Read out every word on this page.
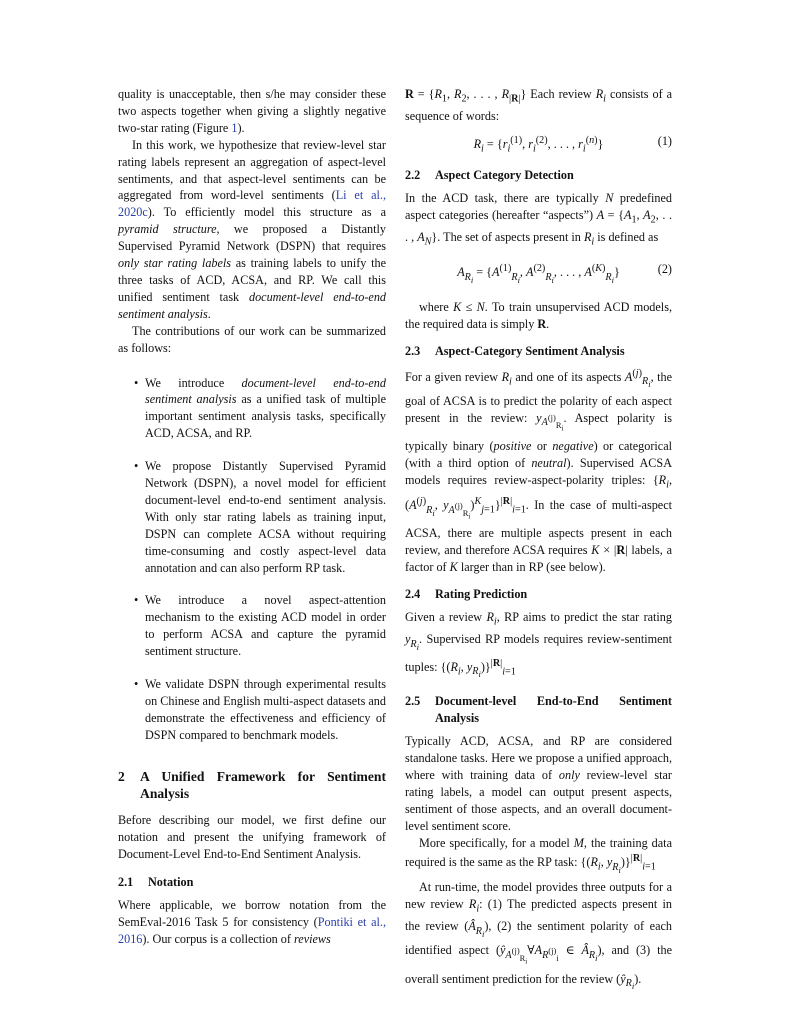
quality is unacceptable, then s/he may consider these two aspects together when giving a slightly negative two-star rating (Figure 1).

In this work, we hypothesize that review-level star rating labels represent an aggregation of aspect-level sentiments, and that aspect-level sentiments can be aggregated from word-level sentiments (Li et al., 2020c). To efficiently model this structure as a pyramid structure, we proposed a Distantly Supervised Pyramid Network (DSPN) that requires only star rating labels as training labels to unify the three tasks of ACD, ACSA, and RP. We call this unified sentiment task document-level end-to-end sentiment analysis.

The contributions of our work can be summarized as follows:

• We introduce document-level end-to-end sentiment analysis as a unified task of multiple important sentiment analysis tasks, specifically ACD, ACSA, and RP.
• We propose Distantly Supervised Pyramid Network (DSPN), a novel model for efficient document-level end-to-end sentiment analysis. With only star rating labels as training input, DSPN can complete ACSA without requiring time-consuming and costly aspect-level data annotation and can also perform RP task.
• We introduce a novel aspect-attention mechanism to the existing ACD model in order to perform ACSA and capture the pyramid sentiment structure.
• We validate DSPN through experimental results on Chinese and English multi-aspect datasets and demonstrate the effectiveness and efficiency of DSPN compared to benchmark models.
2	A Unified Framework for Sentiment Analysis

Before describing our model, we first define our notation and present the unifying framework of Document-Level End-to-End Sentiment Analysis.

2.1	Notation

Where applicable, we borrow notation from the SemEval-2016 Task 5 for consistency (Pontiki et al., 2016). Our corpus is a collection of reviews

$R = \{R_1$, $R_2$, . . . , $R_{|R|}$} Each review $R_i$ consists of a sequence of words:

$R_i = \{r_i^{(1)}$, $r_i^{(2)}$, . . . , $r_i^{(n)}$}	(1)
2.2	Aspect Category Detection

In the ACD task, there are typically N predefined aspect categories (hereafter “aspects”) $A = \{A_1$, $A_2$, . . . , $A_N$}. The set of aspects present in $R_i$ is defined as

$A_{R_i} = \{A^{(1)}_{R_i}$, $A^{(2)}_{R_i}$, . . . , $A^{(K)}_{R_i}$}	(2)

where K ≤ N. To train unsupervised ACD models, the required data is simply R.

2.3	Aspect-Category Sentiment Analysis

For a given review $R_i$ and one of its aspects $A^{(j)}_{R_i}$, the goal of ACSA is to predict the polarity of each aspect present in the review: $y_{A^{(j)}_{R_i}}$. Aspect polarity is typically binary (positive or negative) or categorical (with a third option of neutral). Supervised ACSA models requires review-aspect-polarity triples: {$R_i$, ($A^{(j)}_{R_i}$, $y_{A^{(j)}_{R_i}})^K_{j=1}\}^{|R|}_{i=1}$. In the case of multi-aspect ACSA, there are multiple aspects present in each review, and therefore ACSA requires K × |R| labels, a factor of K larger than in RP (see below).

2.4	Rating Prediction

Given a review $R_i$, RP aims to predict the star rating $y_{R_i}$. Supervised RP models requires review-sentiment tuples: {($R_i$, $y_{R_i})\}^{|R|}_{i=1}$

2.5	Document-level End-to-End Sentiment Analysis

Typically ACD, ACSA, and RP are considered standalone tasks. Here we propose a unified approach, where with training data of only review-level star rating labels, a model can output present aspects, sentiment of those aspects, and an overall document-level sentiment score.

More specifically, for a model M, the training data required is the same as the RP task: {($R_i$, $y_{R_i})\}^{|R|}_{i=1}$

At run-time, the model provides three outputs for a new review $R_i$: (1) The predicted aspects present in the review $(Â_{R_i})$, (2) the sentiment polarity of each identified aspect ($ŷ_{A^{(j)}_{R_i}}\forall A_{R^{(j)}_i}$ ∈ $Â_{R_i}$), and (3) the overall sentiment prediction for the review $(ŷ_{R_i})$.
